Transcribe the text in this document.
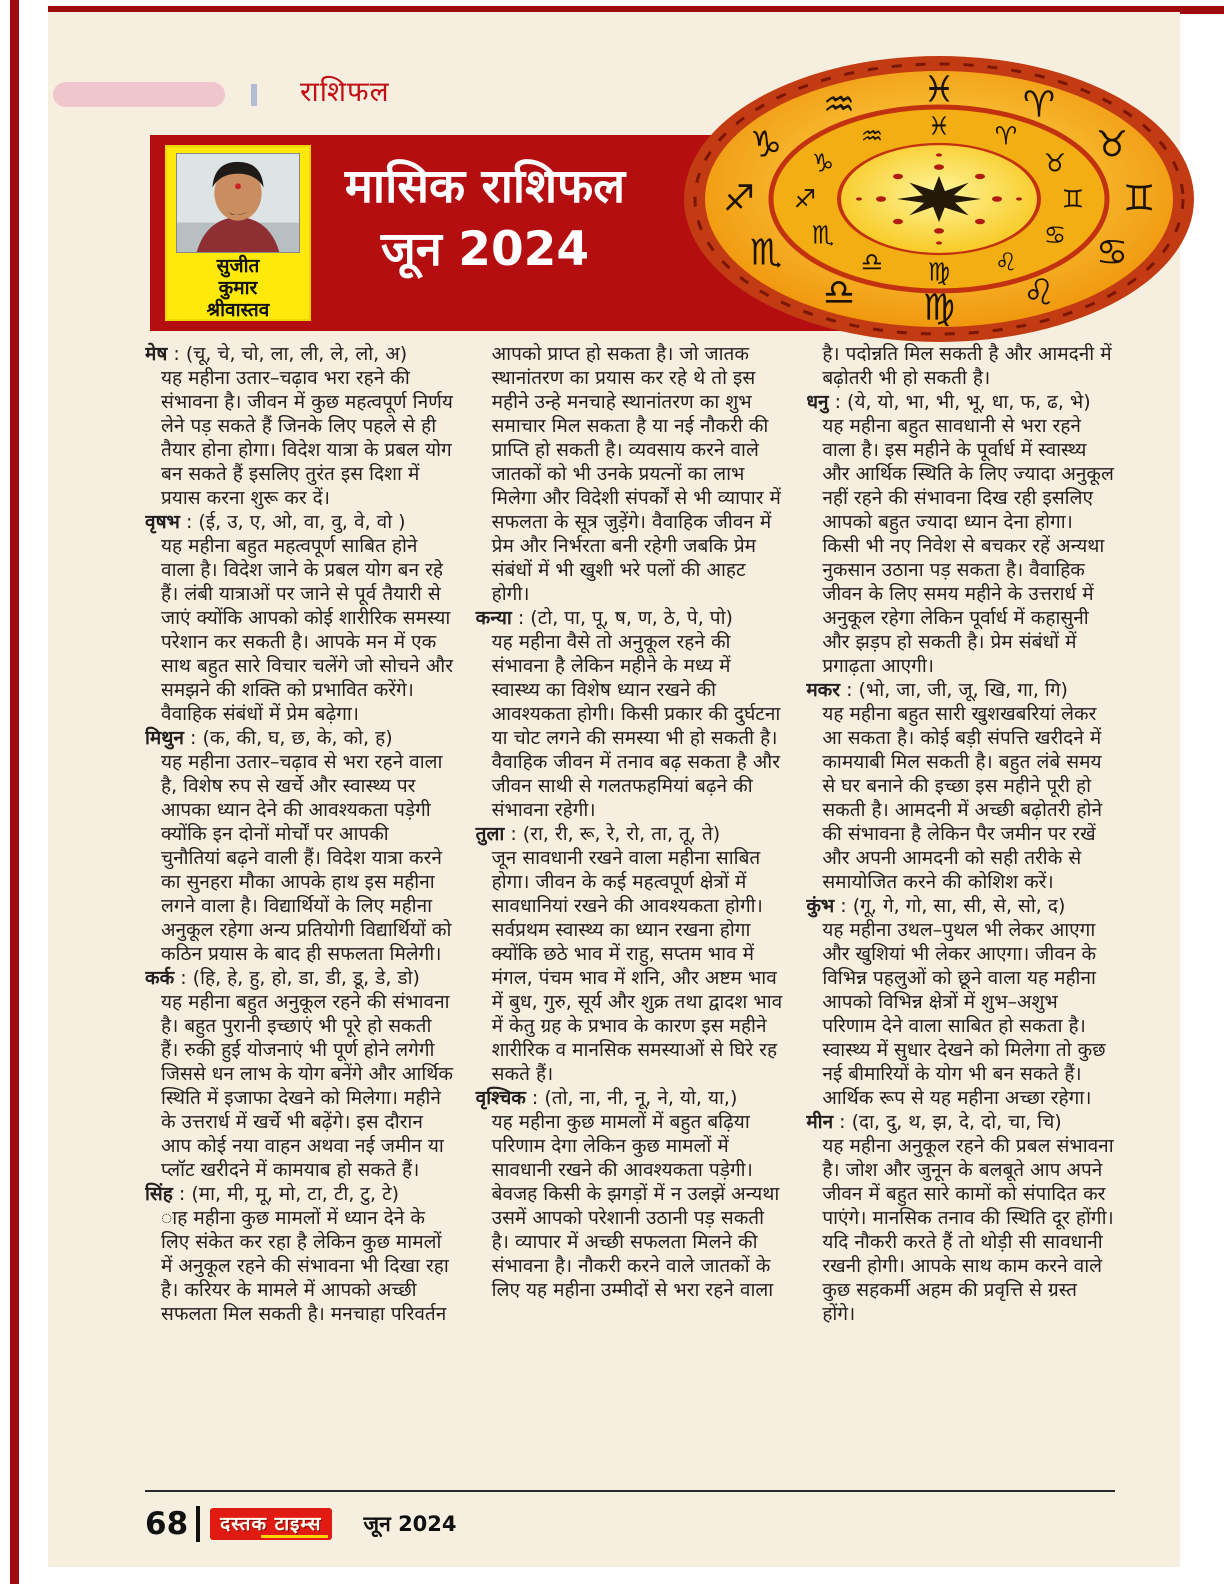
राशिफल
सुजीत
कुमार
श्रीवास्तव
मासिक राशिफल
जून 2024
♓ ♈
♉
♊
♋
♌
♍
♎
♏
♐
♑
♒
♓ ♈
♉
♊
♋
♌
♍
♎
♏
♐
♑
♒
मेष : (चू, चे, चो, ला, ली, ले, लो, अ)
यह महीना उतार–चढ़ाव भरा रहने की संभावना है। जीवन में कुछ महत्वपूर्ण निर्णय लेने पड़ सकते हैं जिनके लिए पहले से ही तैयार होना होगा। विदेश यात्रा के प्रबल योग बन सकते हैं इसलिए तुरंत इस दिशा में प्रयास करना शुरू कर दें।
वृषभ : (ई, उ, ए, ओ, वा, वु, वे, वो )
यह महीना बहुत महत्वपूर्ण साबित होने वाला है। विदेश जाने के प्रबल योग बन रहे हैं। लंबी यात्राओं पर जाने से पूर्व तैयारी से जाएं क्योंकि आपको कोई शारीरिक समस्या परेशान कर सकती है। आपके मन में एक साथ बहुत सारे विचार चलेंगे जो सोचने और समझने की शक्ति को प्रभावित करेंगे। वैवाहिक संबंधों में प्रेम बढ़ेगा।
मिथुन : (क, की, घ, छ, के, को, ह)
यह महीना उतार–चढ़ाव से भरा रहने वाला है, विशेष रुप से खर्चे और स्वास्थ्य पर आपका ध्यान देने की आवश्यकता पड़ेगी क्योंकि इन दोनों मोर्चों पर आपकी चुनौतियां बढ़ने वाली हैं। विदेश यात्रा करने का सुनहरा मौका आपके हाथ इस महीना लगने वाला है। विद्यार्थियों के लिए महीना अनुकूल रहेगा अन्य प्रतियोगी विद्यार्थियों को कठिन प्रयास के बाद ही सफलता मिलेगी।
कर्क : (हि, हे, हु, हो, डा, डी, डू, डे, डो)
यह महीना बहुत अनुकूल रहने की संभावना है। बहुत पुरानी इच्छाएं भी पूरे हो सकती हैं। रुकी हुई योजनाएं भी पूर्ण होने लगेगी जिससे धन लाभ के योग बनेंगे और आर्थिक स्थिति में इजाफा देखने को मिलेगा। महीने के उत्तरार्ध में खर्चे भी बढ़ेंगे। इस दौरान आप कोई नया वाहन अथवा नई जमीन या प्लॉट खरीदने में कामयाब हो सकते हैं।
सिंह : (मा, मी, मू, मो, टा, टी, टु, टे)
ाह महीना कुछ मामलों में ध्यान देने के लिए संकेत कर रहा है लेकिन कुछ मामलों में अनुकूल रहने की संभावना भी दिखा रहा है। करियर के मामले में आपको अच्छी सफलता मिल सकती है। मनचाहा परिवर्तन आपको प्राप्त हो सकता है। जो जातक स्थानांतरण का प्रयास कर रहे थे तो इस महीने उन्हे मनचाहे स्थानांतरण का शुभ समाचार मिल सकता है या नई नौकरी की प्राप्ति हो सकती है। व्यवसाय करने वाले जातकों को भी उनके प्रयत्नों का लाभ मिलेगा और विदेशी संपर्कों से भी व्यापार में सफलता के सूत्र जुड़ेंगे। वैवाहिक जीवन में प्रेम और निर्भरता बनी रहेगी जबकि प्रेम संबंधों में भी खुशी भरे पलों की आहट होगी।
कन्या : (टो, पा, पू, ष, ण, ठे, पे, पो)
यह महीना वैसे तो अनुकूल रहने की संभावना है लेकिन महीने के मध्य में स्वास्थ्य का विशेष ध्यान रखने की आवश्यकता होगी। किसी प्रकार की दुर्घटना या चोट लगने की समस्या भी हो सकती है। वैवाहिक जीवन में तनाव बढ़ सकता है और जीवन साथी से गलतफहमियां बढ़ने की संभावना रहेगी।
तुला : (रा, री, रू, रे, रो, ता, तू, ते)
जून सावधानी रखने वाला महीना साबित होगा। जीवन के कई महत्वपूर्ण क्षेत्रों में सावधानियां रखने की आवश्यकता होगी। सर्वप्रथम स्वास्थ्य का ध्यान रखना होगा क्योंकि छठे भाव में राहु, सप्तम भाव में मंगल, पंचम भाव में शनि, और अष्टम भाव में बुध, गुरु, सूर्य और शुक्र तथा द्वादश भाव में केतु ग्रह के प्रभाव के कारण इस महीने शारीरिक व मानसिक समस्याओं से घिरे रह सकते हैं।
वृश्चिक : (तो, ना, नी, नू, ने, यो, या,)
यह महीना कुछ मामलों में बहुत बढ़िया परिणाम देगा लेकिन कुछ मामलों में सावधानी रखने की आवश्यकता पड़ेगी। बेवजह किसी के झगड़ों में न उलझें अन्यथा उसमें आपको परेशानी उठानी पड़ सकती है। व्यापार में अच्छी सफलता मिलने की संभावना है। नौकरी करने वाले जातकों के लिए यह महीना उम्मीदों से भरा रहने वाला है। पदोन्नति मिल सकती है और आमदनी में बढ़ोतरी भी हो सकती है।
धनु : (ये, यो, भा, भी, भू, धा, फ, ढ, भे)
यह महीना बहुत सावधानी से भरा रहने वाला है। इस महीने के पूर्वार्ध में स्वास्थ्य और आर्थिक स्थिति के लिए ज्यादा अनुकूल नहीं रहने की संभावना दिख रही इसलिए आपको बहुत ज्यादा ध्यान देना होगा। किसी भी नए निवेश से बचकर रहें अन्यथा नुकसान उठाना पड़ सकता है। वैवाहिक जीवन के लिए समय महीने के उत्तरार्ध में अनुकूल रहेगा लेकिन पूर्वार्ध में कहासुनी और झड़प हो सकती है। प्रेम संबंधों में प्रगाढ़ता आएगी।
मकर : (भो, जा, जी, जू, खि, गा, गि)
यह महीना बहुत सारी खुशखबरियां लेकर आ सकता है। कोई बड़ी संपत्ति खरीदने में कामयाबी मिल सकती है। बहुत लंबे समय से घर बनाने की इच्छा इस महीने पूरी हो सकती है। आमदनी में अच्छी बढ़ोतरी होने की संभावना है लेकिन पैर जमीन पर रखें और अपनी आमदनी को सही तरीके से समायोजित करने की कोशिश करें।
कुंभ : (गू, गे, गो, सा, सी, से, सो, द)
यह महीना उथल–पुथल भी लेकर आएगा और खुशियां भी लेकर आएगा। जीवन के विभिन्न पहलुओं को छूने वाला यह महीना आपको विभिन्न क्षेत्रों में शुभ–अशुभ परिणाम देने वाला साबित हो सकता है। स्वास्थ्य में सुधार देखने को मिलेगा तो कुछ नई बीमारियों के योग भी बन सकते हैं। आर्थिक रूप से यह महीना अच्छा रहेगा।
मीन : (दा, दु, थ, झ, दे, दो, चा, चि)
यह महीना अनुकूल रहने की प्रबल संभावना है। जोश और जुनून के बलबूते आप अपने जीवन में बहुत सारे कामों को संपादित कर पाएंगे। मानसिक तनाव की स्थिति दूर होंगी। यदि नौकरी करते हैं तो थोड़ी सी सावधानी रखनी होगी। आपके साथ काम करने वाले कुछ सहकर्मी अहम की प्रवृत्ति से ग्रस्त होंगे।
68	दस्तक टाइम्स	जून 2024
